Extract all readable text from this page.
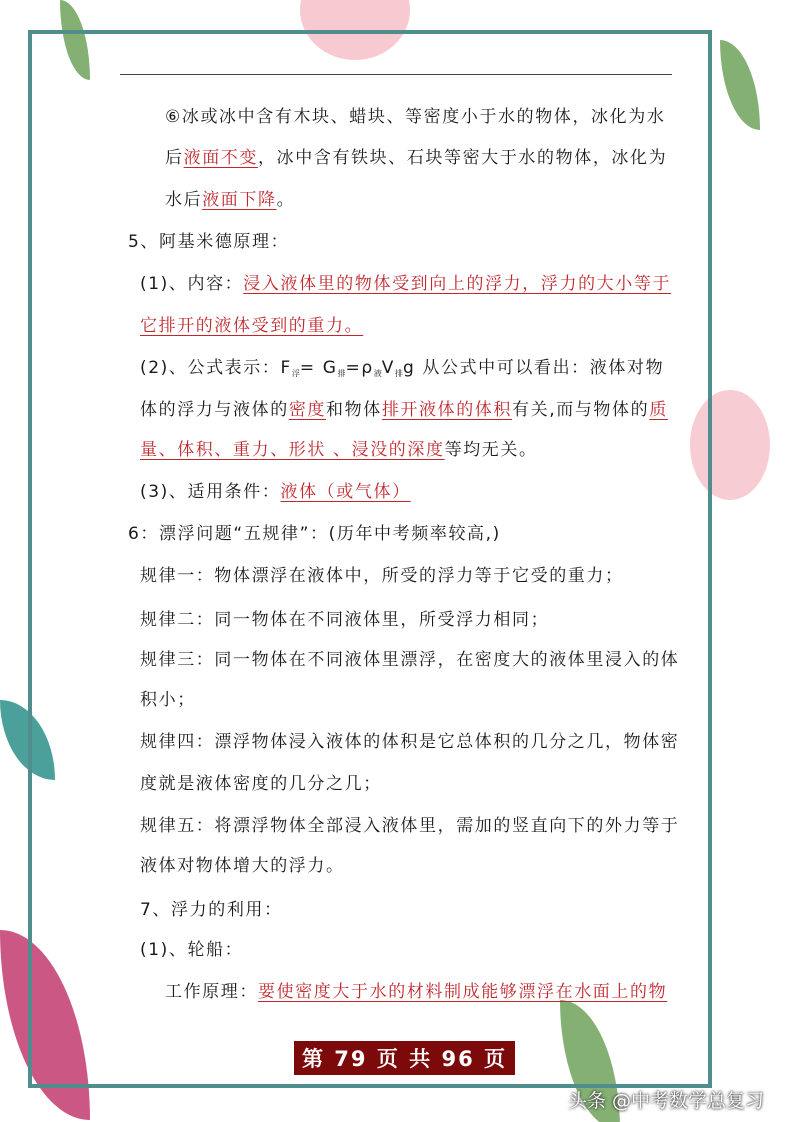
⑥冰或冰中含有木块、蜡块、等密度小于水的物体，冰化为水
后液面不变，冰中含有铁块、石块等密大于水的物体，冰化为
水后液面下降。
5、阿基米德原理：
(1)、内容：浸入液体里的物体受到向上的浮力，浮力的大小等于
它排开的液体受到的重力。
(2)、公式表示：$F_浮= G_排=\rho_液V_排g$ 从公式中可以看出：液体对物
体的浮力与液体的密度和物体排开液体的体积有关,而与物体的质
量、体积、重力、形状 、浸没的深度等均无关。
(3)、适用条件：液体（或气体）
6：漂浮问题“五规律”：(历年中考频率较高,)
规律一：物体漂浮在液体中，所受的浮力等于它受的重力；
规律二：同一物体在不同液体里，所受浮力相同；
规律三：同一物体在不同液体里漂浮，在密度大的液体里浸入的体
积小；
规律四：漂浮物体浸入液体的体积是它总体积的几分之几，物体密
度就是液体密度的几分之几；
规律五：将漂浮物体全部浸入液体里，需加的竖直向下的外力等于
液体对物体增大的浮力。
7、浮力的利用：
(1)、轮船：
工作原理：要使密度大于水的材料制成能够漂浮在水面上的物
第 79 页 共 96 页
头条 @中考数学总复习
